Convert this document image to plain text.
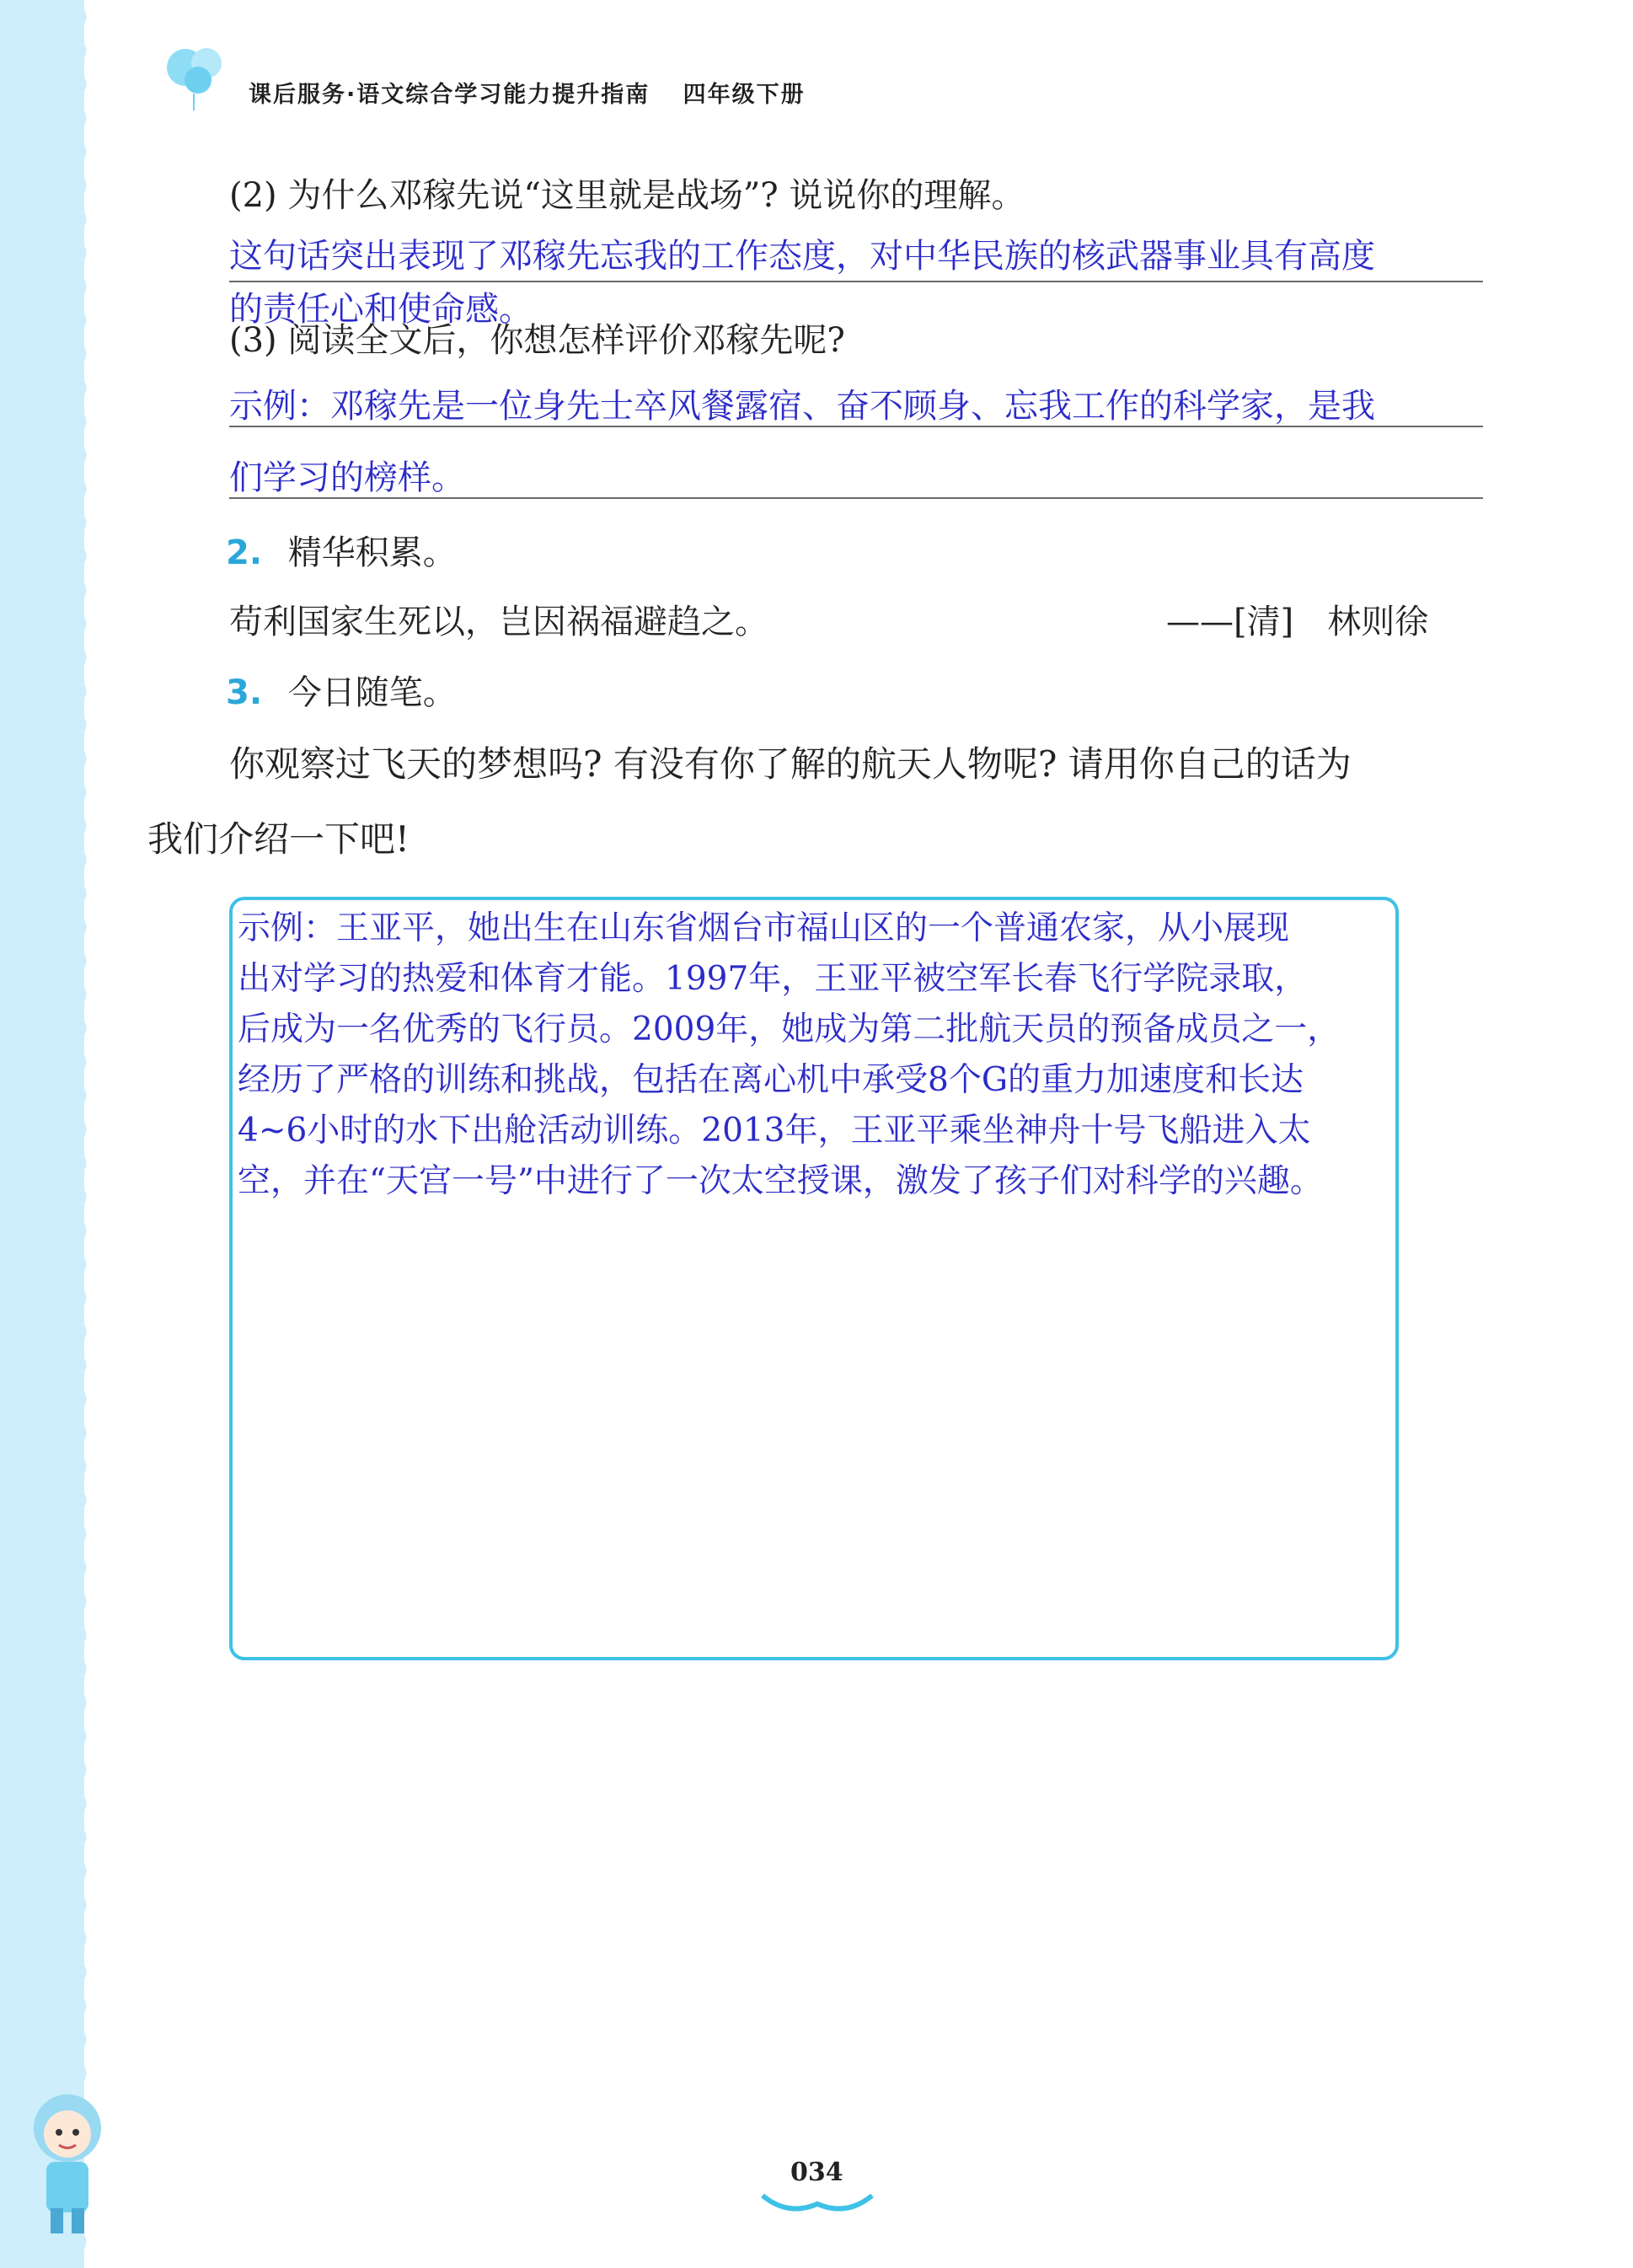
课后服务·语文综合学习能力提升指南 四年级下册
(2) 为什么邓稼先说“这里就是战场”? 说说你的理解。
这句话突出表现了邓稼先忘我的工作态度，对中华民族的核武器事业具有高度
的责任心和使命感。
(3) 阅读全文后，你想怎样评价邓稼先呢?
示例：邓稼先是一位身先士卒风餐露宿、奋不顾身、忘我工作的科学家，是我
们学习的榜样。
2. 精华积累。
苟利国家生死以，岂因祸福避趋之。	——[清]　林则徐
3. 今日随笔。
你观察过飞天的梦想吗? 有没有你了解的航天人物呢? 请用你自己的话为
我们介绍一下吧!
示例：王亚平，她出生在山东省烟台市福山区的一个普通农家，从小展现
出对学习的热爱和体育才能。1997年，王亚平被空军长春飞行学院录取，
后成为一名优秀的飞行员。2009年，她成为第二批航天员的预备成员之一，
经历了严格的训练和挑战，包括在离心机中承受8个G的重力加速度和长达
4~6小时的水下出舱活动训练。2013年，王亚平乘坐神舟十号飞船进入太
空，并在“天宫一号”中进行了一次太空授课，激发了孩子们对科学的兴趣。
034
